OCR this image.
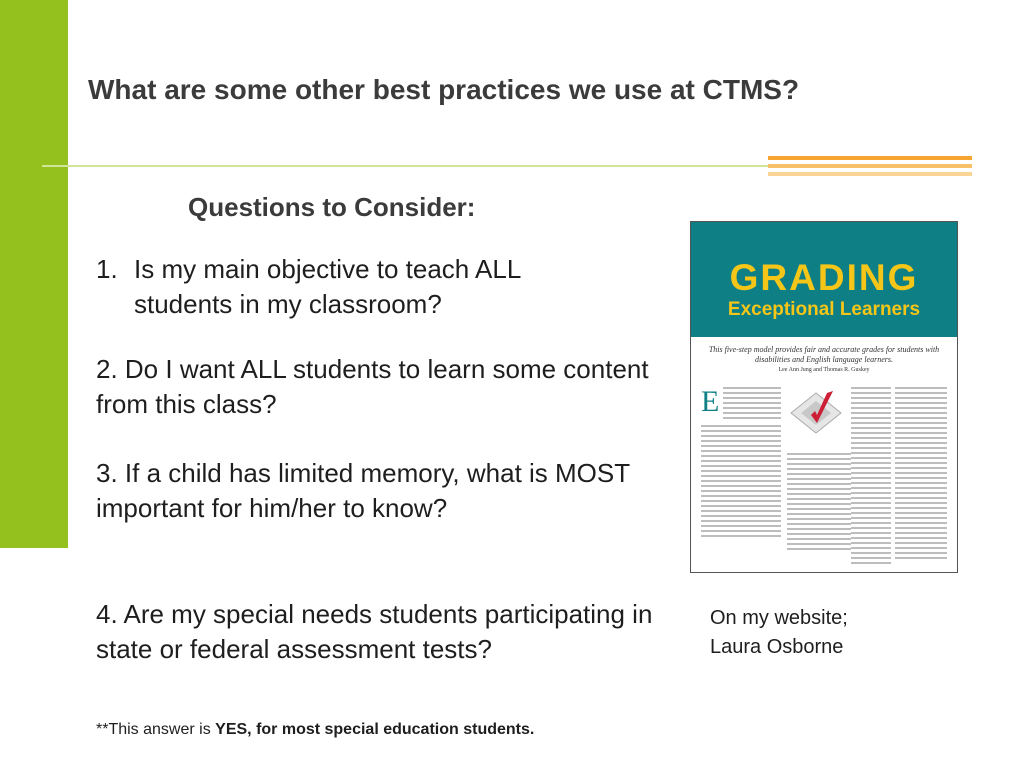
What are some other best practices we use at CTMS?
Questions to Consider:
1. Is my main objective to teach ALL
students in my classroom?
2. Do I want ALL students to learn some content from this class?
3. If a child has limited memory, what is MOST important for him/her to know?
4. Are my special needs students participating in state or federal assessment tests?
**This answer is YES, for most special education students.
GRADING
Exceptional Learners
This five-step model provides fair and accurate grades for students with disabilities and English language learners.
Lee Ann Jung and Thomas R. Guskey
E
On my website;
Laura Osborne
